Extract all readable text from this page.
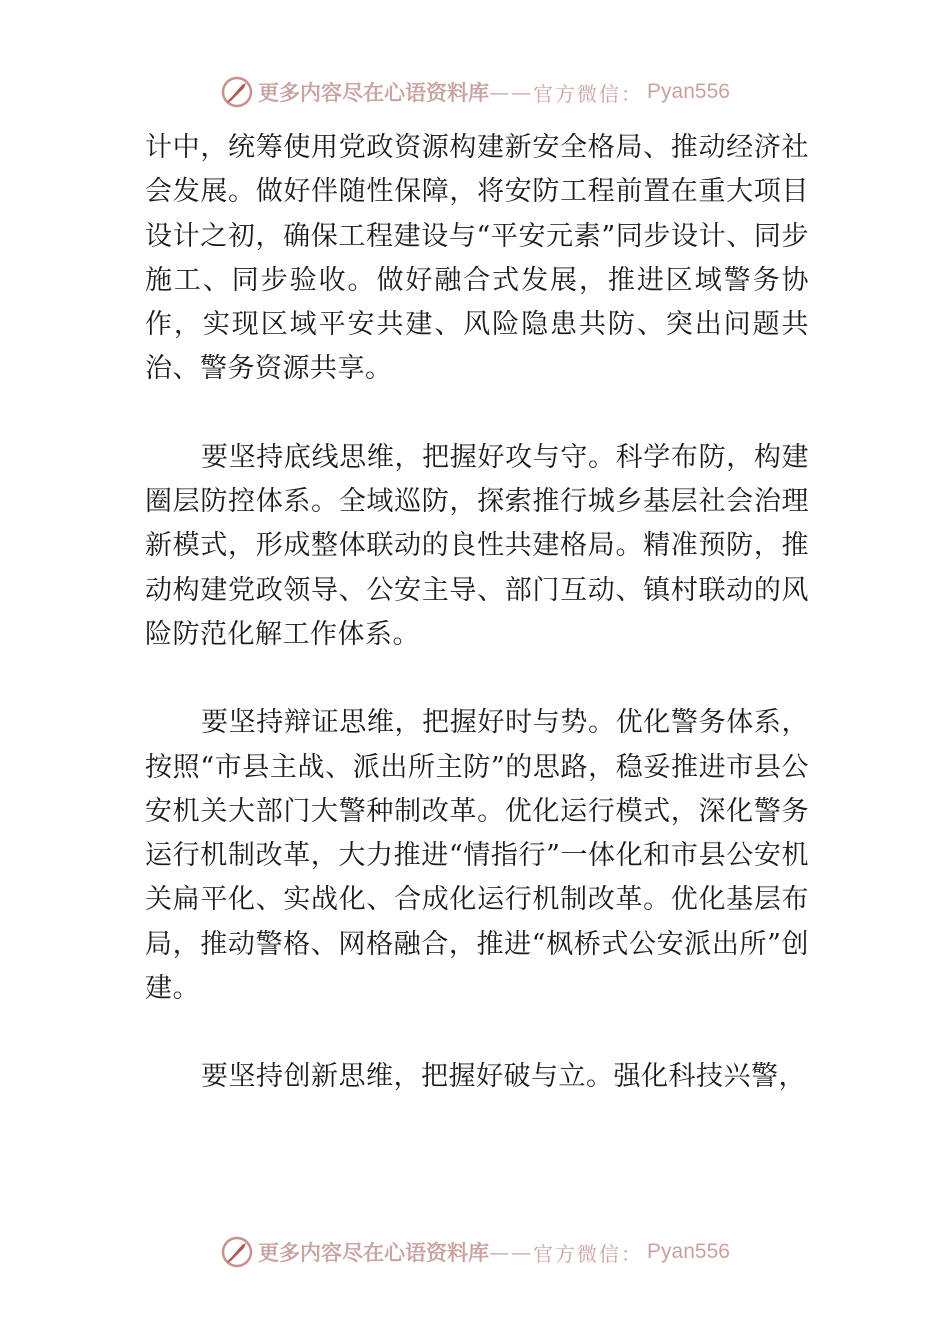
更多内容尽在心语资料库 —— 官方微信： Pyan556

计中，统筹使用党政资源构建新安全格局、推动经济社会发展。做好伴随性保障，将安防工程前置在重大项目设计之初，确保工程建设与“平安元素”同步设计、同步施工、同步验收。做好融合式发展，推进区域警务协作，实现区域平安共建、风险隐患共防、突出问题共治、警务资源共享。

要坚持底线思维，把握好攻与守。科学布防，构建圈层防控体系。全域巡防，探索推行城乡基层社会治理新模式，形成整体联动的良性共建格局。精准预防，推动构建党政领导、公安主导、部门互动、镇村联动的风险防范化解工作体系。

要坚持辩证思维，把握好时与势。优化警务体系，按照“市县主战、派出所主防”的思路，稳妥推进市县公安机关大部门大警种制改革。优化运行模式，深化警务运行机制改革，大力推进“情指行”一体化和市县公安机关扁平化、实战化、合成化运行机制改革。优化基层布局，推动警格、网格融合，推进“枫桥式公安派出所”创建。

要坚持创新思维，把握好破与立。强化科技兴警，

更多内容尽在心语资料库 —— 官方微信： Pyan556
